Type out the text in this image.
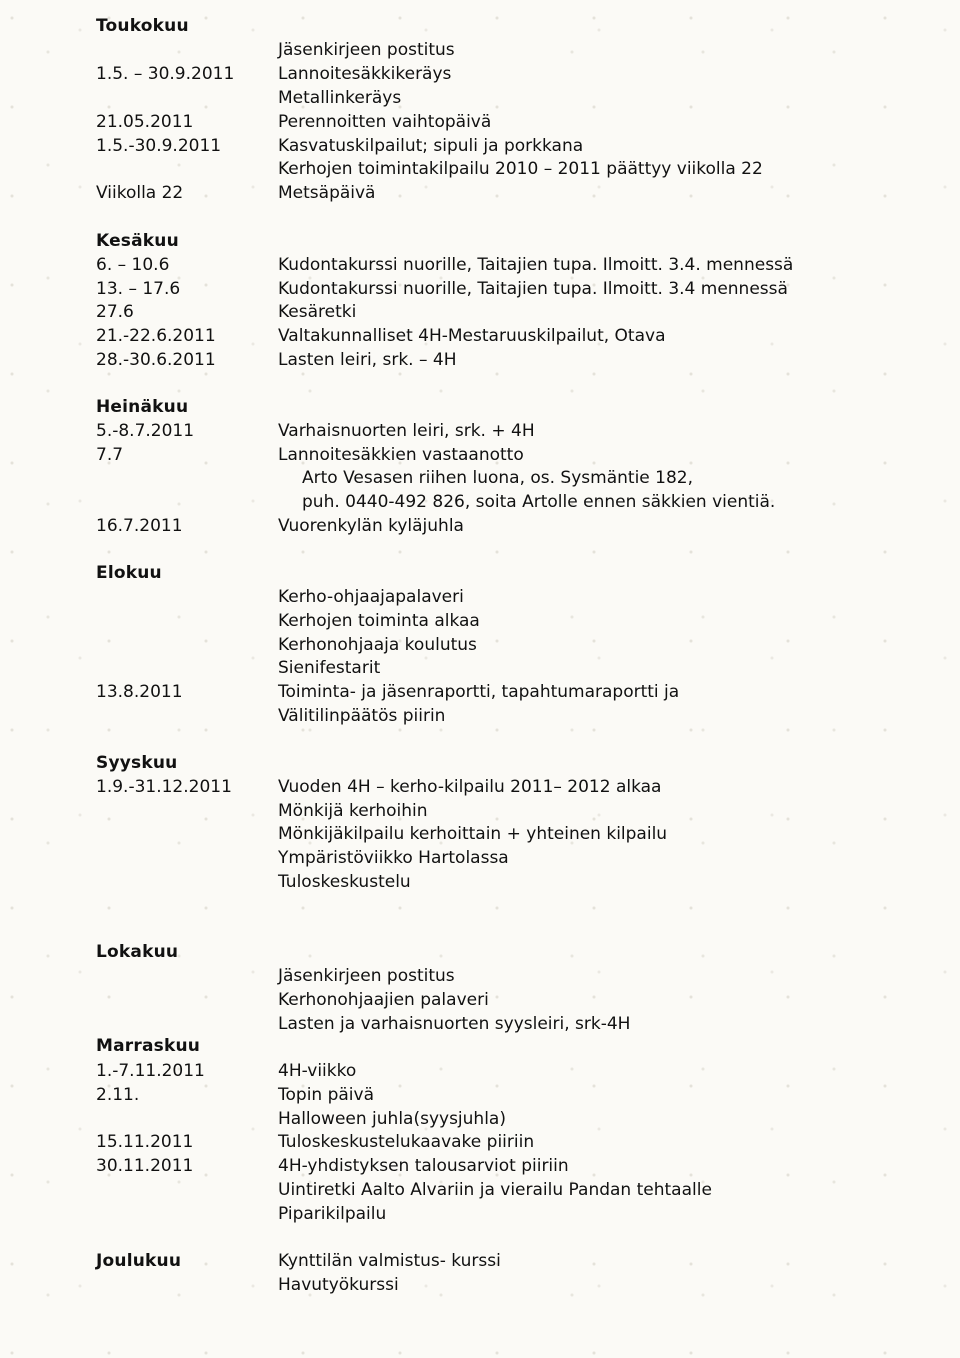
Toukokuu
Jäsenkirjeen postitus
1.5. – 30.9.2011	Lannoitesäkkikeräys
Metallinkeräys
21.05.2011	Perennoitten vaihtopäivä
1.5.-30.9.2011	Kasvatuskilpailut; sipuli ja porkkana
Kerhojen toimintakilpailu 2010 – 2011 päättyy viikolla 22
Viikolla 22	Metsäpäivä
Kesäkuu
6. – 10.6	Kudontakurssi nuorille, Taitajien tupa. Ilmoitt. 3.4. mennessä
13. – 17.6	Kudontakurssi nuorille, Taitajien tupa. Ilmoitt. 3.4 mennessä
27.6	Kesäretki
21.-22.6.2011	Valtakunnalliset 4H-Mestaruuskilpailut, Otava
28.-30.6.2011	Lasten leiri, srk. – 4H
Heinäkuu
5.-8.7.2011	Varhaisnuorten leiri, srk. + 4H
7.7	Lannoitesäkkien vastaanotto
Arto Vesasen riihen luona, os. Sysmäntie 182,
puh. 0440-492 826, soita Artolle ennen säkkien vientiä.
16.7.2011	Vuorenkylän kyläjuhla
Elokuu
Kerho-ohjaajapalaveri
Kerhojen toiminta alkaa
Kerhonohjaaja koulutus
Sienifestarit
13.8.2011	Toiminta- ja jäsenraportti, tapahtumaraportti ja
Välitilinpäätös piirin
Syyskuu
1.9.-31.12.2011	Vuoden 4H – kerho-kilpailu 2011– 2012 alkaa
Mönkijä kerhoihin
Mönkijäkilpailu kerhoittain + yhteinen kilpailu
Ympäristöviikko Hartolassa
Tuloskeskustelu
Lokakuu
Jäsenkirjeen postitus
Kerhonohjaajien palaveri
Lasten ja varhaisnuorten syysleiri, srk-4H
Marraskuu
1.-7.11.2011	4H-viikko
2.11.	Topin päivä
Halloween juhla(syysjuhla)
15.11.2011	Tuloskeskustelukaavake piiriin
30.11.2011	4H-yhdistyksen talousarviot piiriin
Uintiretki Aalto Alvariin ja vierailu Pandan tehtaalle
Piparikilpailu
Joulukuu	Kynttilän valmistus- kurssi
Havutyökurssi
